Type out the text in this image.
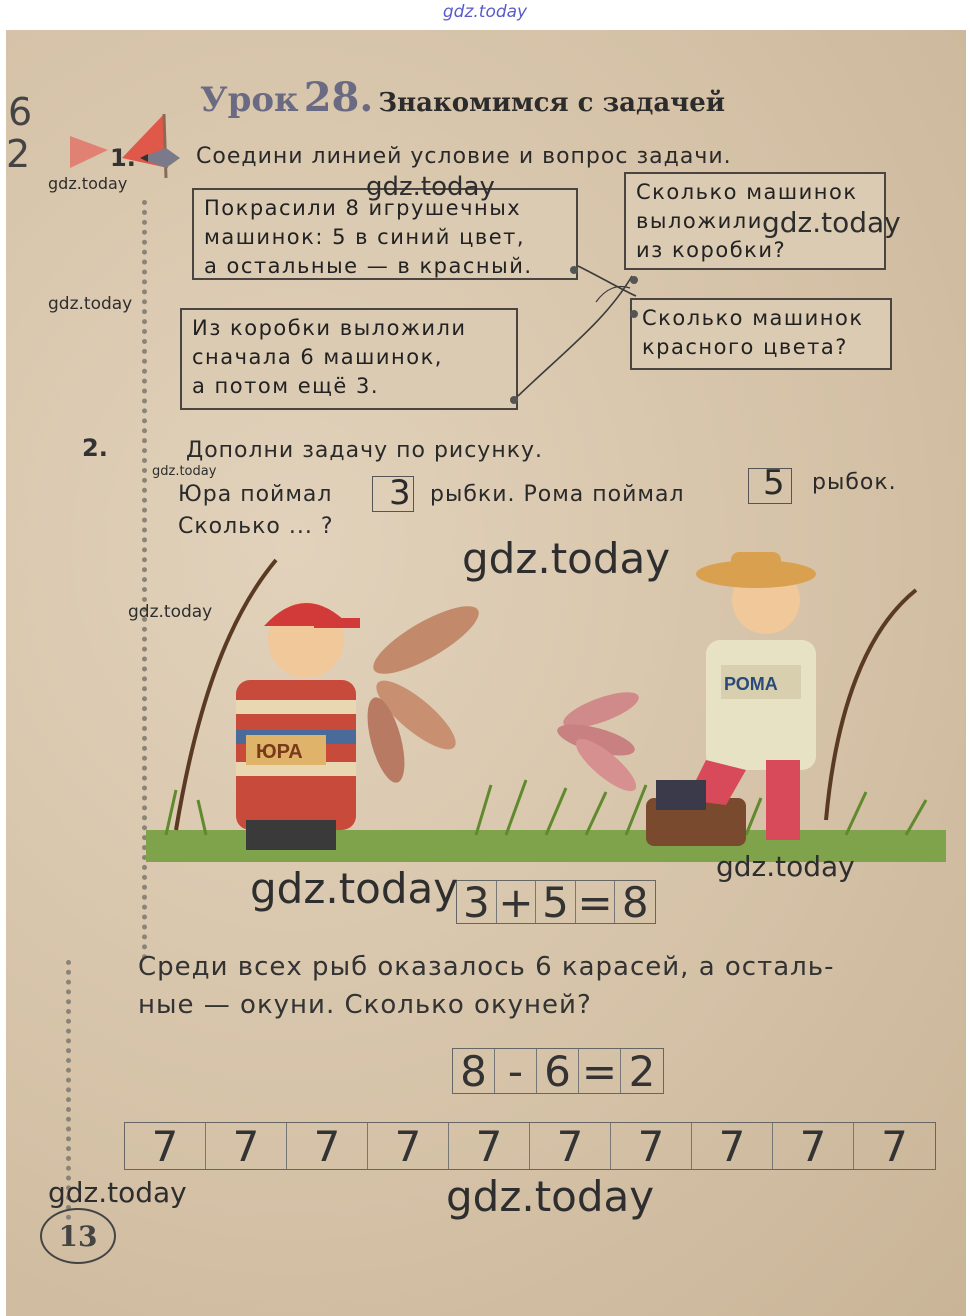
gdz.today
6
2
Урок 28. Знакомимся с задачей
1.	Соедини линией условие и вопрос задачи.
Покрасили 8 игрушечных
машинок: 5 в синий цвет,
а остальные — в красный.
Из коробки выложили
сначала 6 машинок,
а потом ещё 3.
Сколько машинок
выложили
из коробки?
Сколько машинок
красного цвета?
2.	Дополни задачу по рисунку.
Юра поймал 3 рыбки. Рома поймал 5 рыбок.
Сколько ... ?
ЮРА
РОМА
3 + 5 = 8
Среди всех рыб оказалось 6 карасей, а осталь-
ные — окуни. Сколько окуней?
8 - 6 = 2
7	7	7	7	7	7	7	7	7	7
13
gdz.today	gdz.today
gdz.today
gdz.today
gdz.today
gdz.today
gdz.today
gdz.today
gdz.today
gdz.today	gdz.today
